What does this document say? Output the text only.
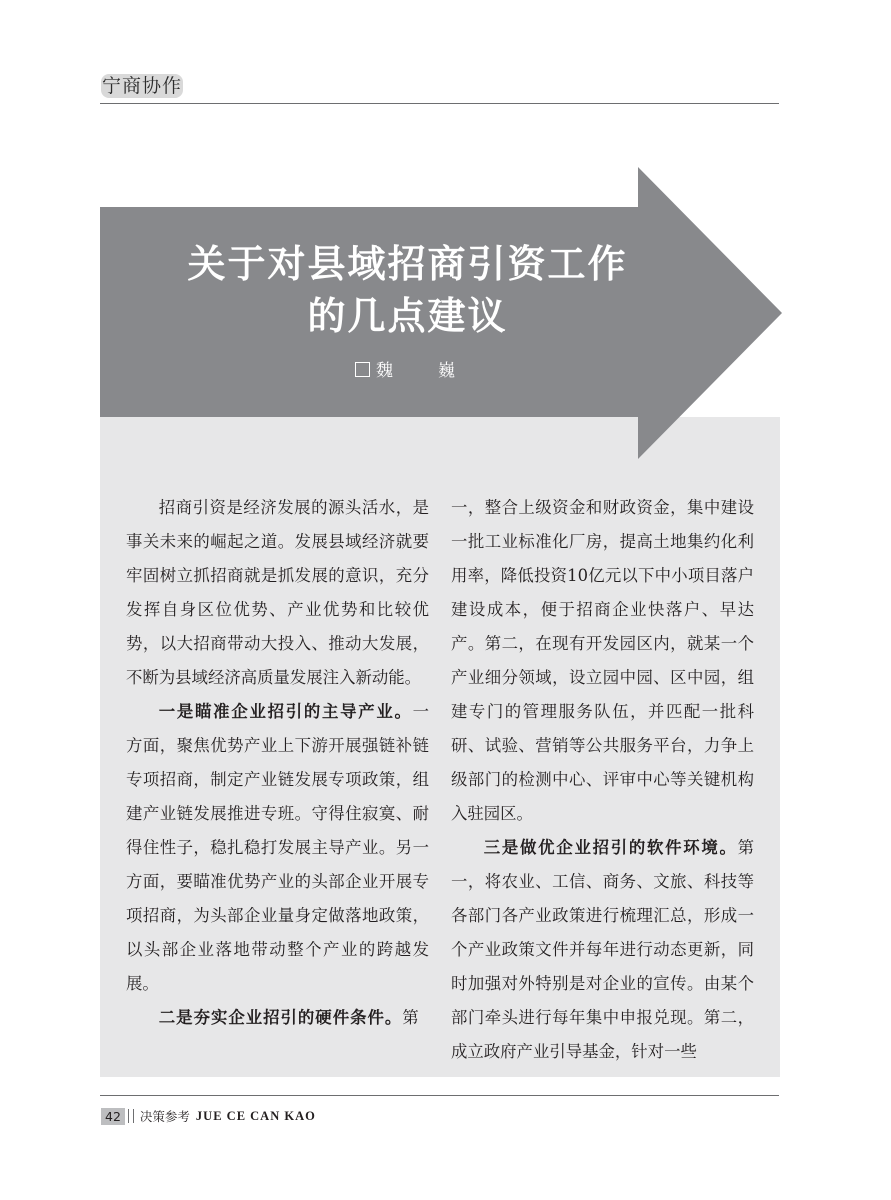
宁商协作
关于对县域招商引资工作
的几点建议
魏　巍

招商引资是经济发展的源头活水，是事关未来的崛起之道。发展县域经济就要牢固树立抓招商就是抓发展的意识，充分发挥自身区位优势、产业优势和比较优势，以大招商带动大投入、推动大发展，不断为县域经济高质量发展注入新动能。

一是瞄准企业招引的主导产业。一方面，聚焦优势产业上下游开展强链补链专项招商，制定产业链发展专项政策，组建产业链发展推进专班。守得住寂寞、耐得住性子，稳扎稳打发展主导产业。另一方面，要瞄准优势产业的头部企业开展专项招商，为头部企业量身定做落地政策，以头部企业落地带动整个产业的跨越发展。

二是夯实企业招引的硬件条件。第

一，整合上级资金和财政资金，集中建设一批工业标准化厂房，提高土地集约化利用率，降低投资10亿元以下中小项目落户建设成本，便于招商企业快落户、早达产。第二，在现有开发园区内，就某一个产业细分领域，设立园中园、区中园，组建专门的管理服务队伍，并匹配一批科研、试验、营销等公共服务平台，力争上级部门的检测中心、评审中心等关键机构入驻园区。

三是做优企业招引的软件环境。第一，将农业、工信、商务、文旅、科技等各部门各产业政策进行梳理汇总，形成一个产业政策文件并每年进行动态更新，同时加强对外特别是对企业的宣传。由某个部门牵头进行每年集中申报兑现。第二，成立政府产业引导基金，针对一些

42	决策参考 JUE CE CAN KAO
